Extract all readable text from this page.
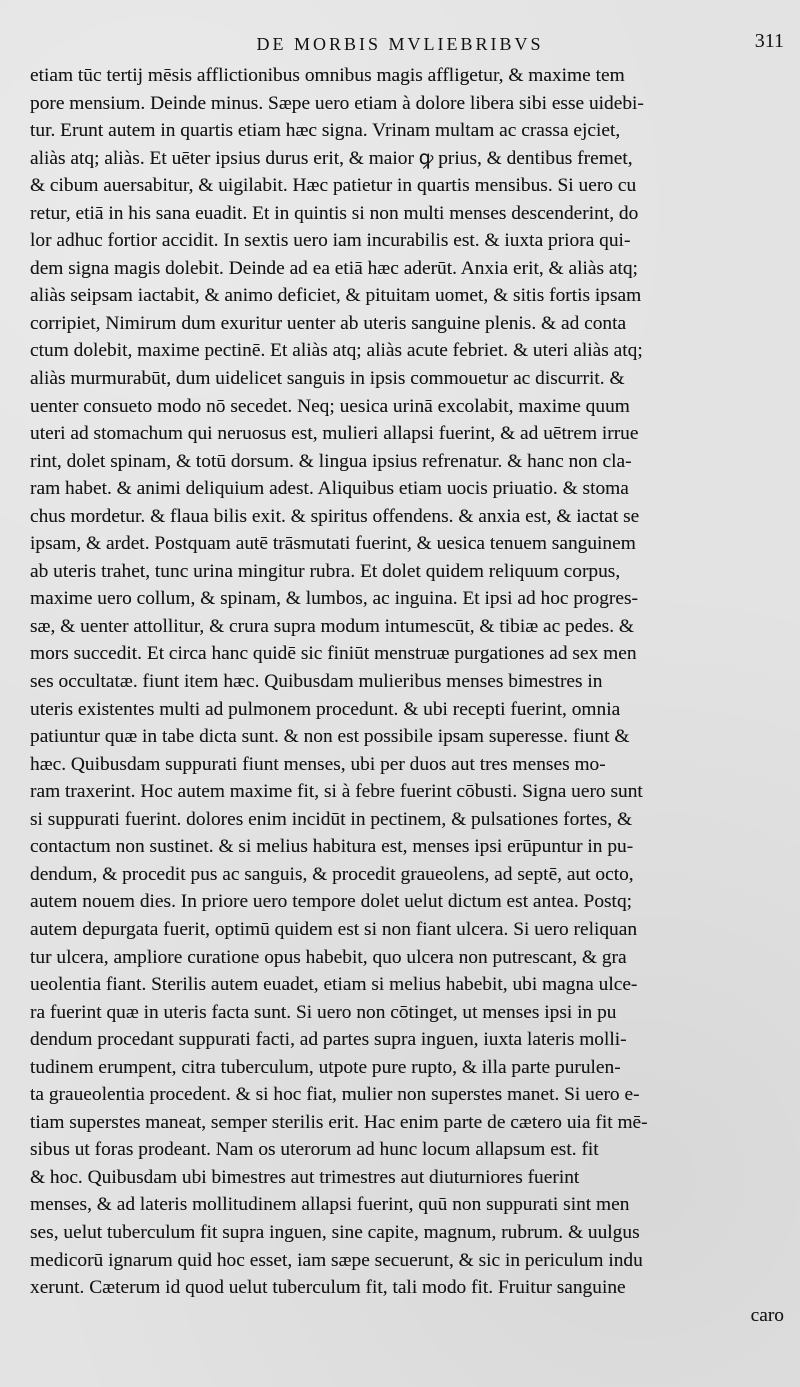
DE MORBIS MVLIEBRIBVS	311
etiam tūc tertij mēsis afflictionibus omnibus magis affligetur, & maxime tem
pore mensium. Deinde minus. Sæpe uero etiam à dolore libera sibi esse uidebi-
tur. Erunt autem in quartis etiam hæc signa. Vrinam multam ac crassa ejciet,
aliàs atq; aliàs. Et uēter ipsius durus erit, & maior ꝙ prius, & dentibus fremet,
& cibum auersabitur, & uigilabit. Hæc patietur in quartis mensibus. Si uero cu
retur, etiā in his sana euadit. Et in quintis si non multi menses descenderint, do
lor adhuc fortior accidit. In sextis uero iam incurabilis est. & iuxta priora qui-
dem signa magis dolebit. Deinde ad ea etiā hæc aderūt. Anxia erit, & aliàs atq;
aliàs seipsam iactabit, & animo deficiet, & pituitam uomet, & sitis fortis ipsam
corripiet, Nimirum dum exuritur uenter ab uteris sanguine plenis. & ad conta
ctum dolebit, maxime pectinē. Et aliàs atq; aliàs acute febriet. & uteri aliàs atq;
aliàs murmurabūt, dum uidelicet sanguis in ipsis commouetur ac discurrit. &
uenter consueto modo nō secedet. Neq; uesica urinā excolabit, maxime quum
uteri ad stomachum qui neruosus est, mulieri allapsi fuerint, & ad uētrem irrue
rint, dolet spinam, & totū dorsum. & lingua ipsius refrenatur. & hanc non cla-
ram habet. & animi deliquium adest. Aliquibus etiam uocis priuatio. & stoma
chus mordetur. & flaua bilis exit. & spiritus offendens. & anxia est, & iactat se
ipsam, & ardet. Postquam autē trāsmutati fuerint, & uesica tenuem sanguinem
ab uteris trahet, tunc urina mingitur rubra. Et dolet quidem reliquum corpus,
maxime uero collum, & spinam, & lumbos, ac inguina. Et ipsi ad hoc progres-
sæ, & uenter attollitur, & crura supra modum intumescūt, & tibiæ ac pedes. &
mors succedit. Et circa hanc quidē sic finiūt menstruæ purgationes ad sex men
ses occultatæ. fiunt item hæc. Quibusdam mulieribus menses bimestres in
uteris existentes multi ad pulmonem procedunt. & ubi recepti fuerint, omnia
patiuntur quæ in tabe dicta sunt. & non est possibile ipsam superesse. fiunt &
hæc. Quibusdam suppurati fiunt menses, ubi per duos aut tres menses mo-
ram traxerint. Hoc autem maxime fit, si à febre fuerint cōbusti. Signa uero sunt
si suppurati fuerint. dolores enim incidūt in pectinem, & pulsationes fortes, &
contactum non sustinet. & si melius habitura est, menses ipsi erūpuntur in pu-
dendum, & procedit pus ac sanguis, & procedit graueolens, ad septē, aut octo,
autem nouem dies. In priore uero tempore dolet uelut dictum est antea. Postq;
autem depurgata fuerit, optimū quidem est si non fiant ulcera. Si uero reliquan
tur ulcera, ampliore curatione opus habebit, quo ulcera non putrescant, & gra
ueolentia fiant. Sterilis autem euadet, etiam si melius habebit, ubi magna ulce-
ra fuerint quæ in uteris facta sunt. Si uero non cōtinget, ut menses ipsi in pu
dendum procedant suppurati facti, ad partes supra inguen, iuxta lateris molli-
tudinem erumpent, citra tuberculum, utpote pure rupto, & illa parte purulen-
ta graueolentia procedent. & si hoc fiat, mulier non superstes manet. Si uero e-
tiam superstes maneat, semper sterilis erit. Hac enim parte de cætero uia fit mē-
sibus ut foras prodeant. Nam os uterorum ad hunc locum allapsum est. fit
& hoc. Quibusdam ubi bimestres aut trimestres aut diuturniores fuerint
menses, & ad lateris mollitudinem allapsi fuerint, quū non suppurati sint men
ses, uelut tuberculum fit supra inguen, sine capite, magnum, rubrum. & uulgus
medicorū ignarum quid hoc esset, iam sæpe secuerunt, & sic in periculum indu
xerunt. Cæterum id quod uelut tuberculum fit, tali modo fit. Fruitur sanguine
caro
